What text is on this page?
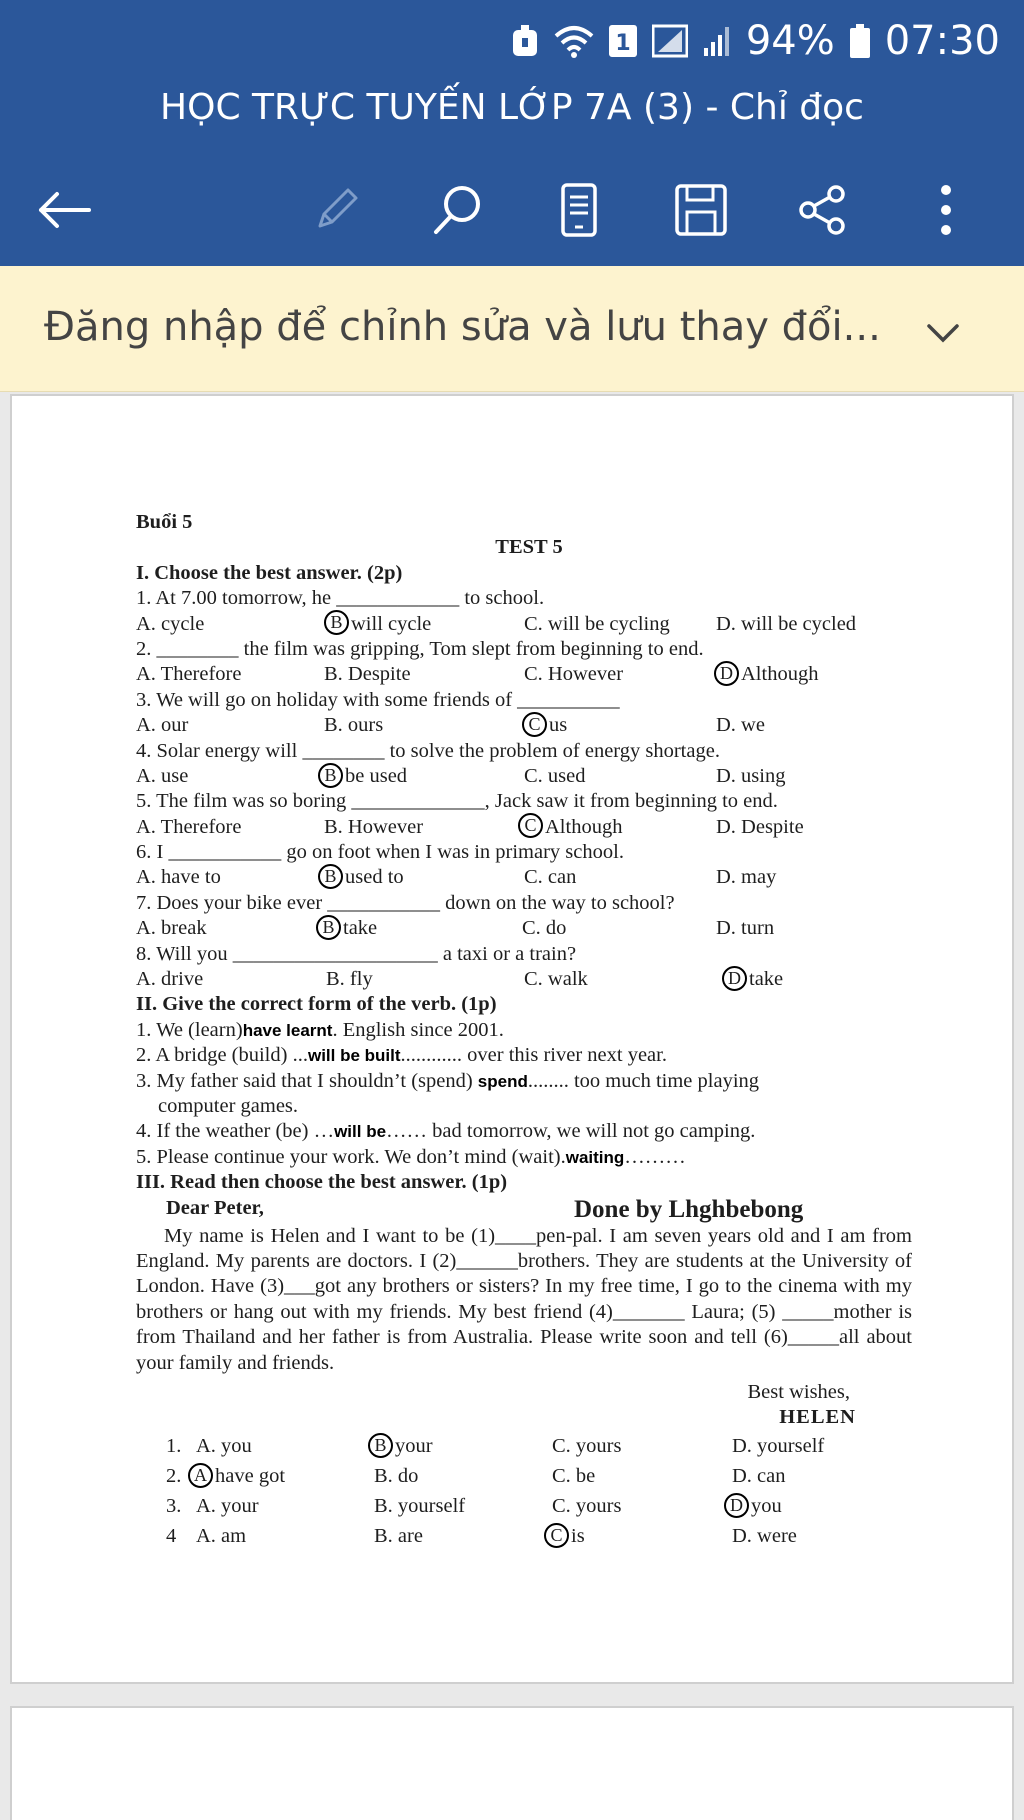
1	94% 07:30
HỌC TRỰC TUYẾN LỚP 7A (3) - Chỉ đọc
Đăng nhập để chỉnh sửa và lưu thay đổi...
Buổi 5
TEST 5
I. Choose the best answer. (2p)
1. At 7.00 tomorrow, he ____________ to school.
A. cycle	B will cycle	C. will be cycling D. will be cycled
2. ________ the film was gripping, Tom slept from beginning to end.
A. Therefore	B. Despite	C. However	D Although
3. We will go on holiday with some friends of __________
A. our	B. ours	C us	D. we
4. Solar energy will ________ to solve the problem of energy shortage.
A. use	B be used	C. used	D. using
5. The film was so boring _____________, Jack saw it from beginning to end.
A. Therefore	B. However	C Although	D. Despite
6. I ___________ go on foot when I was in primary school.
A. have to	B used to	C. can	D. may
7. Does your bike ever ___________ down on the way to school?
A. break	B take	C. do	D. turn
8. Will you ____________________ a taxi or a train?
A. drive	B. fly	C. walk	D take
II. Give the correct form of the verb. (1p)
1. We (learn)have learnt. English since 2001.
2. A bridge (build) ...will be built............ over this river next year.
3. My father said that I shouldn’t (spend) spend........ too much time playing
computer games.
4. If the weather (be) …will be…… bad tomorrow, we will not go camping.
5. Please continue your work. We don’t mind (wait).waiting………
III. Read then choose the best answer. (1p)
Dear Peter,	Done by Lhghbebong
My name is Helen and I want to be (1)____pen-pal. I am seven years old and I am from England. My parents are doctors. I (2)______brothers. They are students at the University of London. Have (3)___got any brothers or sisters? In my free time, I go to the cinema with my brothers or hang out with my friends. My best friend (4)_______ Laura; (5) _____mother is from Thailand and her father is from Australia. Please write soon and tell (6)_____all about your family and friends.
Best wishes,
HELEN
1. A. you	B your	C. yours	D. yourself
2. A have got	B. do	C. be	D. can
3. A. your	B. yourself	C. yours	D you
4 A. am	B. are	C is	D. were
